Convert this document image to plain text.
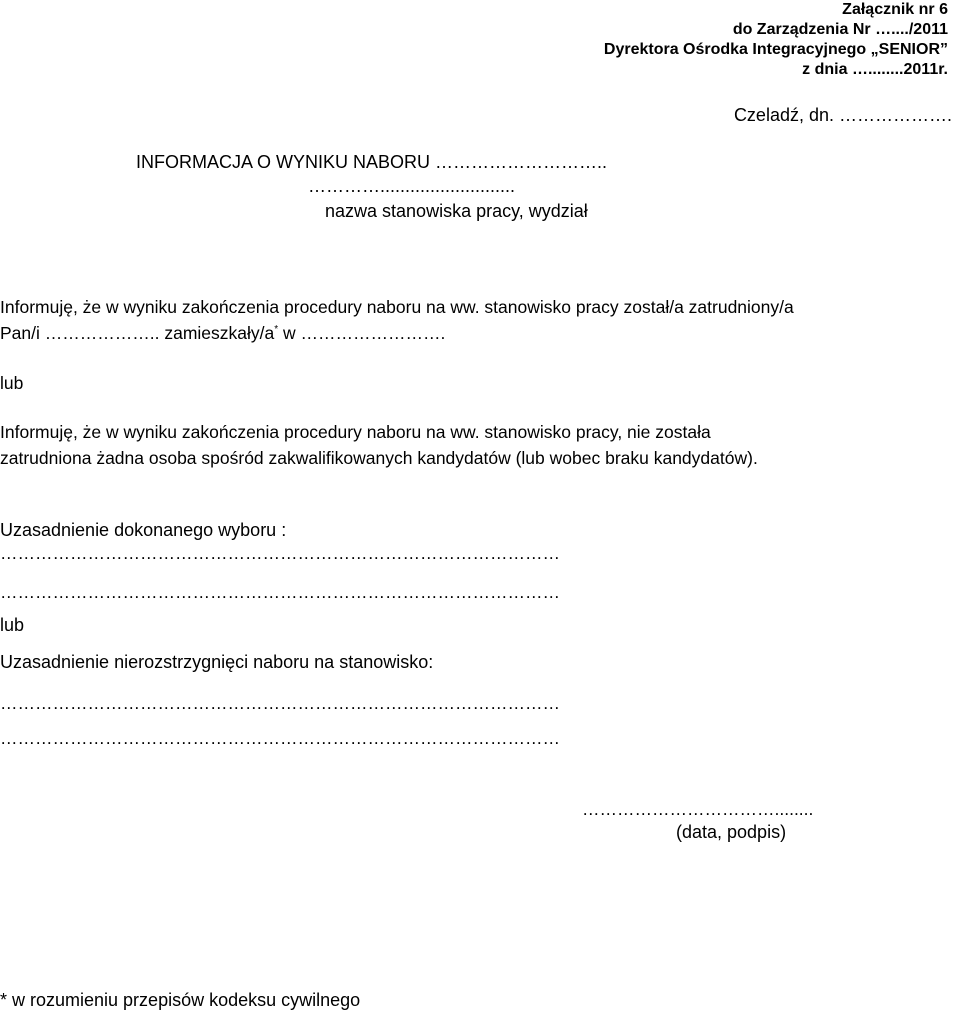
Załącznik nr 6
do Zarządzenia Nr …..../2011
Dyrektora Ośrodka Integracyjnego „SENIOR”
z dnia …........2011r.
Czeladź, dn. ……………….
INFORMACJA O WYNIKU NABORU ………………………..
…………...........................
nazwa stanowiska pracy, wydział
Informuję, że w wyniku zakończenia procedury naboru na ww. stanowisko pracy został/a zatrudniony/a
Pan/i ……………….. zamieszkały/a* w …………………….
lub
Informuję, że w wyniku zakończenia procedury naboru na ww. stanowisko pracy, nie została
zatrudniona żadna osoba spośród zakwalifikowanych kandydatów (lub wobec braku kandydatów).
Uzasadnienie dokonanego wyboru :
……………………………………………………………………………………
……………………………………………………………………………………
lub
Uzasadnienie nierozstrzygnięci naboru na stanowisko:
……………………………………………………………………………………
……………………………………………………………………………………
……………………………........
(data, podpis)
* w rozumieniu przepisów kodeksu cywilnego
